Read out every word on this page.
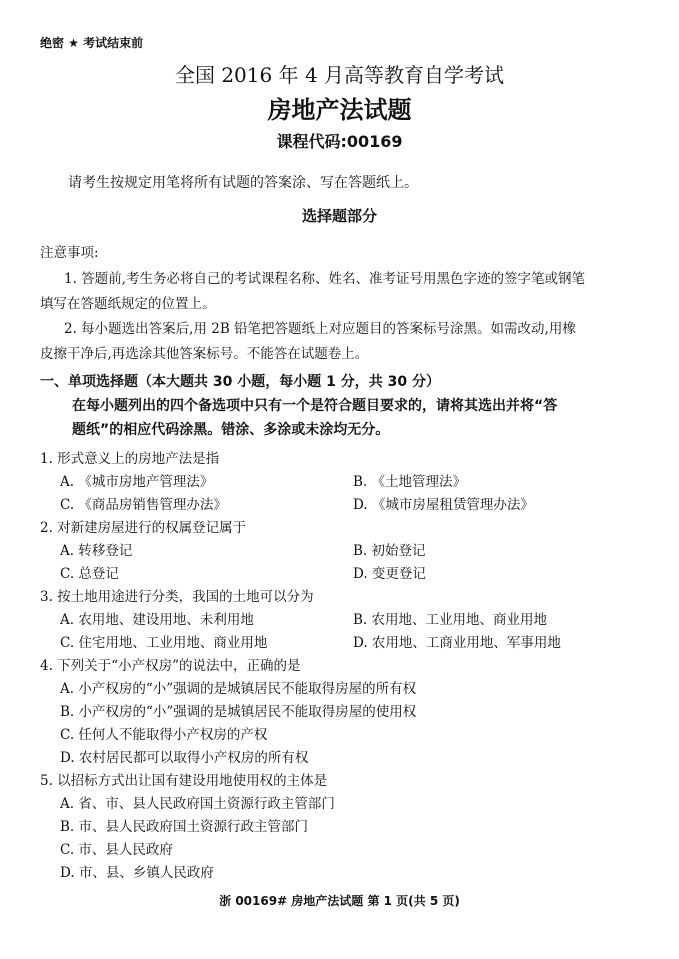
绝密 ★ 考试结束前
全国 2016 年 4 月高等教育自学考试
房地产法试题
课程代码:00169
请考生按规定用笔将所有试题的答案涂、写在答题纸上。
选择题部分
注意事项:
1. 答题前,考生务必将自己的考试课程名称、姓名、准考证号用黑色字迹的签字笔或钢笔
填写在答题纸规定的位置上。
2. 每小题选出答案后,用 2B 铅笔把答题纸上对应题目的答案标号涂黑。如需改动,用橡
皮擦干净后,再选涂其他答案标号。不能答在试题卷上。
一、单项选择题（本大题共 30 小题，每小题 1 分，共 30 分）
在每小题列出的四个备选项中只有一个是符合题目要求的，请将其选出并将“答
题纸”的相应代码涂黑。错涂、多涂或未涂均无分。
1. 形式意义上的房地产法是指
A. 《城市房地产管理法》	B. 《土地管理法》
C. 《商品房销售管理办法》	D. 《城市房屋租赁管理办法》
2. 对新建房屋进行的权属登记属于
A. 转移登记	B. 初始登记
C. 总登记	D. 变更登记
3. 按土地用途进行分类，我国的土地可以分为
A. 农用地、建设用地、未利用地	B. 农用地、工业用地、商业用地
C. 住宅用地、工业用地、商业用地	D. 农用地、工商业用地、军事用地
4. 下列关于“小产权房”的说法中，正确的是
A. 小产权房的“小”强调的是城镇居民不能取得房屋的所有权
B. 小产权房的“小”强调的是城镇居民不能取得房屋的使用权
C. 任何人不能取得小产权房的产权
D. 农村居民都可以取得小产权房的所有权
5. 以招标方式出让国有建设用地使用权的主体是
A. 省、市、县人民政府国土资源行政主管部门
B. 市、县人民政府国土资源行政主管部门
C. 市、县人民政府
D. 市、县、乡镇人民政府
浙 00169# 房地产法试题 第 1 页(共 5 页)
